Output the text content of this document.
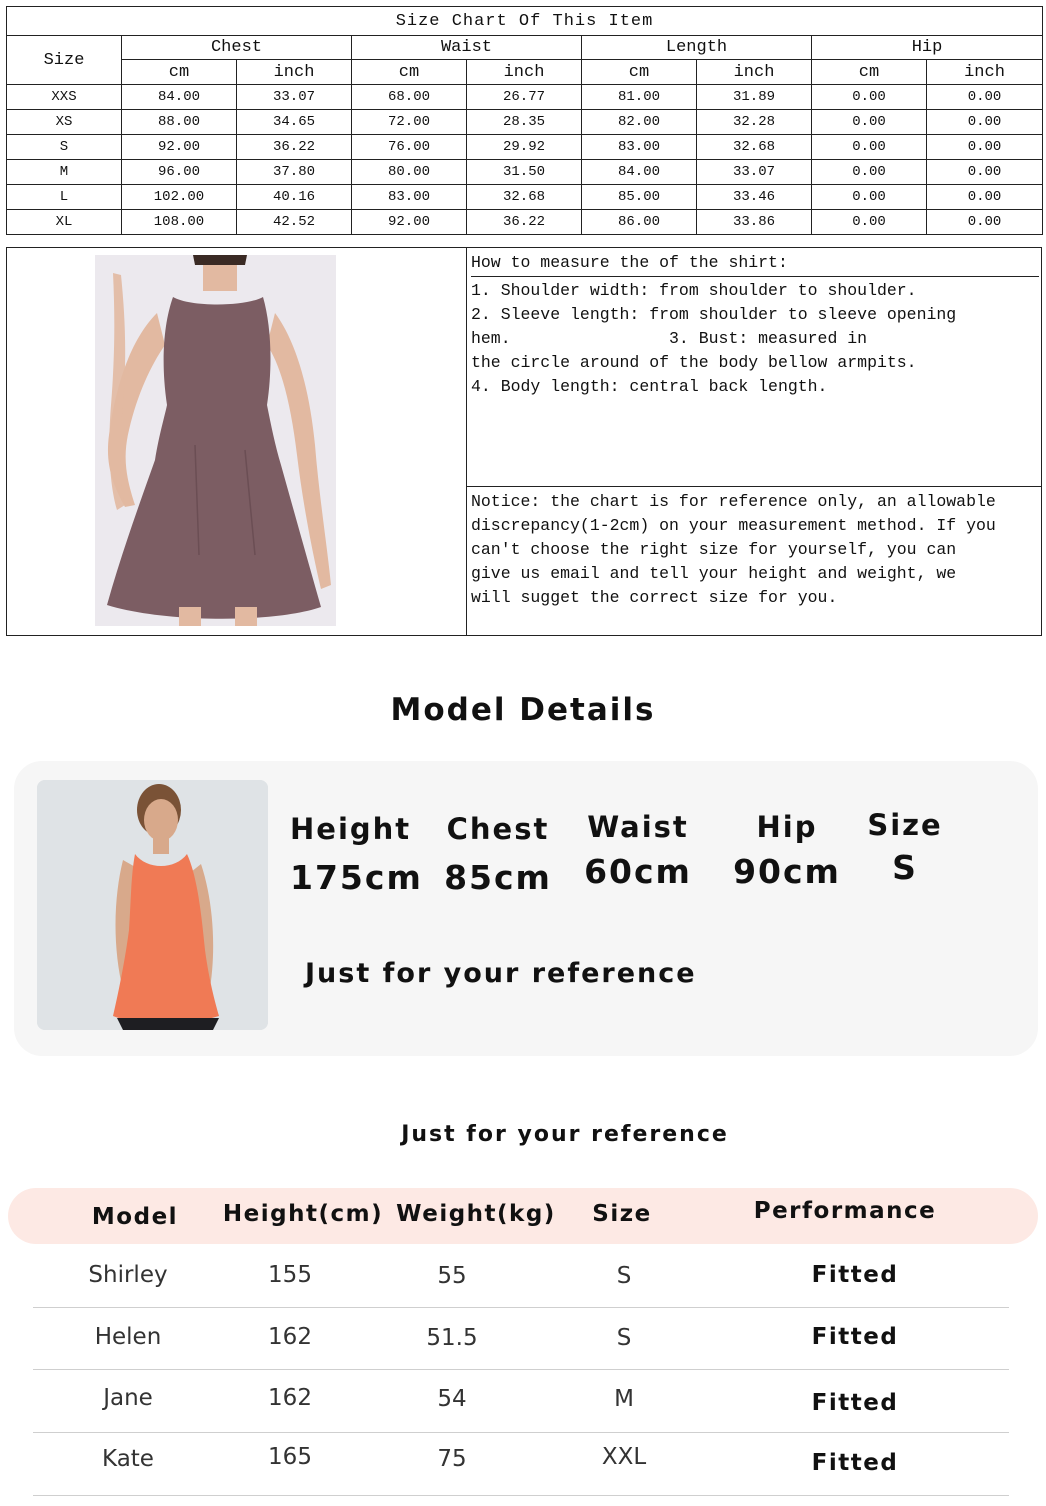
Size Chart Of This Item								
Size	Chest		Waist		Length		Hip	
	cm	inch	cm	inch	cm	inch	cm	inch
XXS	84.00	33.07	68.00	26.77	81.00	31.89	0.00	0.00
XS	88.00	34.65	72.00	28.35	82.00	32.28	0.00	0.00
S	92.00	36.22	76.00	29.92	83.00	32.68	0.00	0.00
M	96.00	37.80	80.00	31.50	84.00	33.07	0.00	0.00
L	102.00	40.16	83.00	32.68	85.00	33.46	0.00	0.00
XL	108.00	42.52	92.00	36.22	86.00	33.86	0.00	0.00
How to measure the of the shirt:
1. Shoulder width: from shoulder to shoulder.
2. Sleeve length: from shoulder to sleeve opening
hem.                3. Bust: measured in
the circle around of the body bellow armpits.
4. Body length: central back length.
Notice: the chart is for reference only, an allowable
discrepancy(1-2cm) on your measurement method. If you
can't choose the right size for yourself, you can
give us email and tell your height and weight, we
will sugget the correct size for you.
Model Details
Height
175cm
Chest
85cm
Waist
60cm
Hip
90cm
Size
S
Just for your reference
Just for your reference
Model	Height(cm) Weight(kg)	Size	Performance
Shirley	155	55	S	Fitted
Helen	162	51.5	S	Fitted
Jane	162	54	M	Fitted
Kate	165	75	XXL	Fitted
